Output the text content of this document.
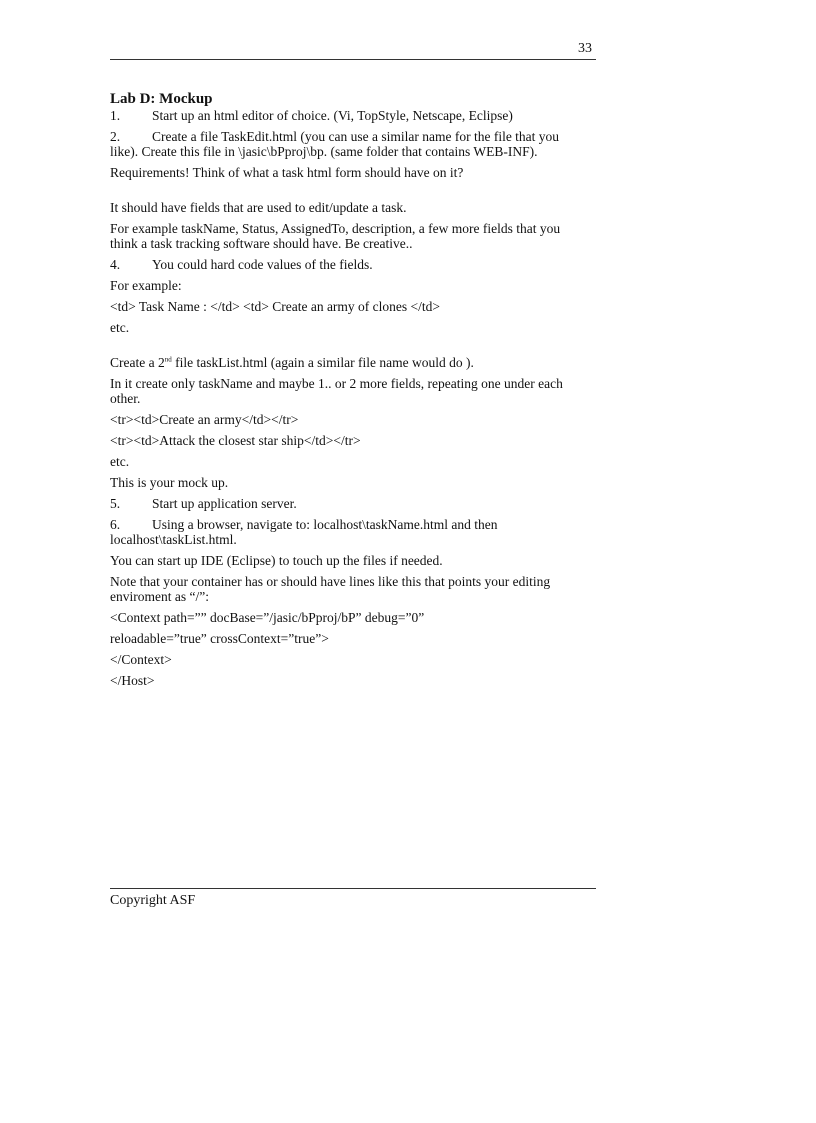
33
Lab D: Mockup

1. Start up an html editor of choice. (Vi, TopStyle, Netscape, Eclipse)

2. Create a file TaskEdit.html (you can use a similar name for the file that you
like). Create this file in \jasic\bPproj\bp. (same folder that contains WEB-INF).

Requirements! Think of what a task html form should have on it?

It should have fields that are used to edit/update a task.

For example taskName, Status, AssignedTo, description, a few more fields that you
think a task tracking software should have. Be creative..

4. You could hard code values of the fields.

For example:

<td> Task Name : </td> <td> Create an army of clones </td>

etc.

Create a 2nd file taskList.html (again a similar file name would do ).

In it create only taskName and maybe 1.. or 2 more fields, repeating one under each
other.

<tr><td>Create an army</td></tr>

<tr><td>Attack the closest star ship</td></tr>

etc.

This is your mock up.

5. Start up application server.

6. Using a browser, navigate to: localhost\taskName.html and then
localhost\taskList.html.

You can start up IDE (Eclipse) to touch up the files if needed.

Note that your container has or should have lines like this that points your editing
enviroment as “/”:

<Context path=”” docBase=”/jasic/bPproj/bP” debug=”0”

reloadable=”true” crossContext=”true”>

</Context>

</Host>

Copyright ASF
